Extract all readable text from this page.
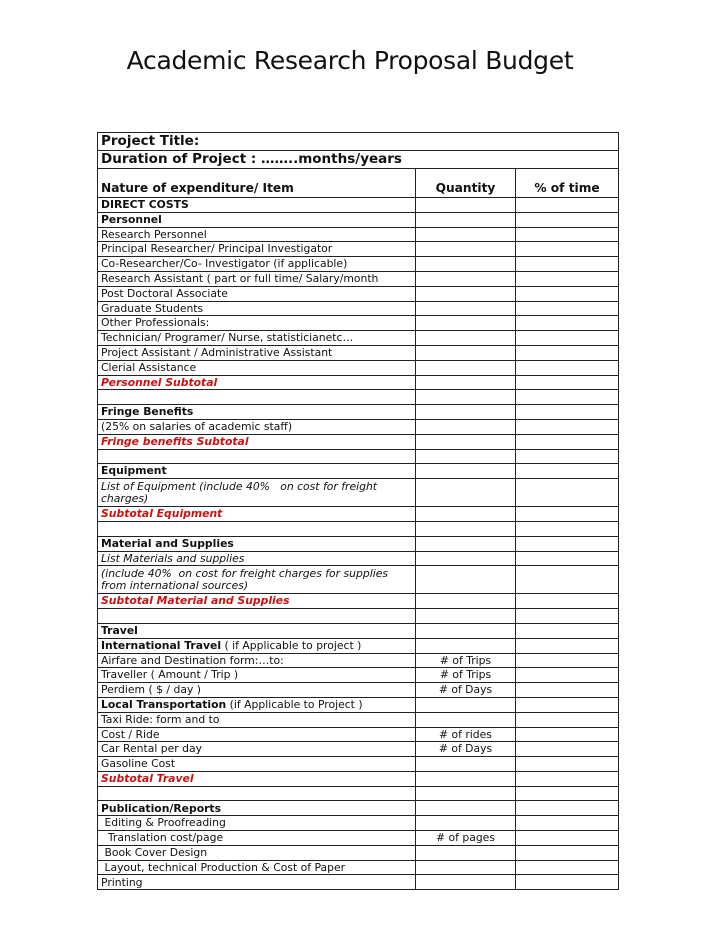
Academic Research Proposal Budget
Project Title:		
Duration of Project : ……..months/years		
Nature of expenditure/ Item	Quantity	% of time
DIRECT COSTS		
Personnel		
Research Personnel		
Principal Researcher/ Principal Investigator		
Co-Researcher/Co- Investigator (if applicable)		
Research Assistant ( part or full time/ Salary/month		
Post Doctoral Associate		
Graduate Students		
Other Professionals:		
Technician/ Programer/ Nurse, statisticianetc…		
Project Assistant / Administrative Assistant		
Clerial Assistance		
Personnel Subtotal		

Fringe Benefits		
(25% on salaries of academic staff)		
Fringe benefits Subtotal		

Equipment		
List of Equipment (include 40%   on cost for freight charges)		
Subtotal Equipment		

Material and Supplies		
List Materials and supplies		
(include 40%  on cost for freight charges for supplies from international sources)		
Subtotal Material and Supplies		

Travel		
International Travel ( if Applicable to project )		
Airfare and Destination form:…to:	# of Trips	
Traveller ( Amount / Trip )	# of Trips	
Perdiem ( $ / day )	# of Days	
Local Transportation (if Applicable to Project )		
Taxi Ride: form and to		
Cost / Ride	# of rides	
Car Rental per day	# of Days	
Gasoline Cost		
Subtotal Travel		

Publication/Reports		
Editing & Proofreading		
Translation cost/page	# of pages	
Book Cover Design		
Layout, technical Production & Cost of Paper		
Printing		
